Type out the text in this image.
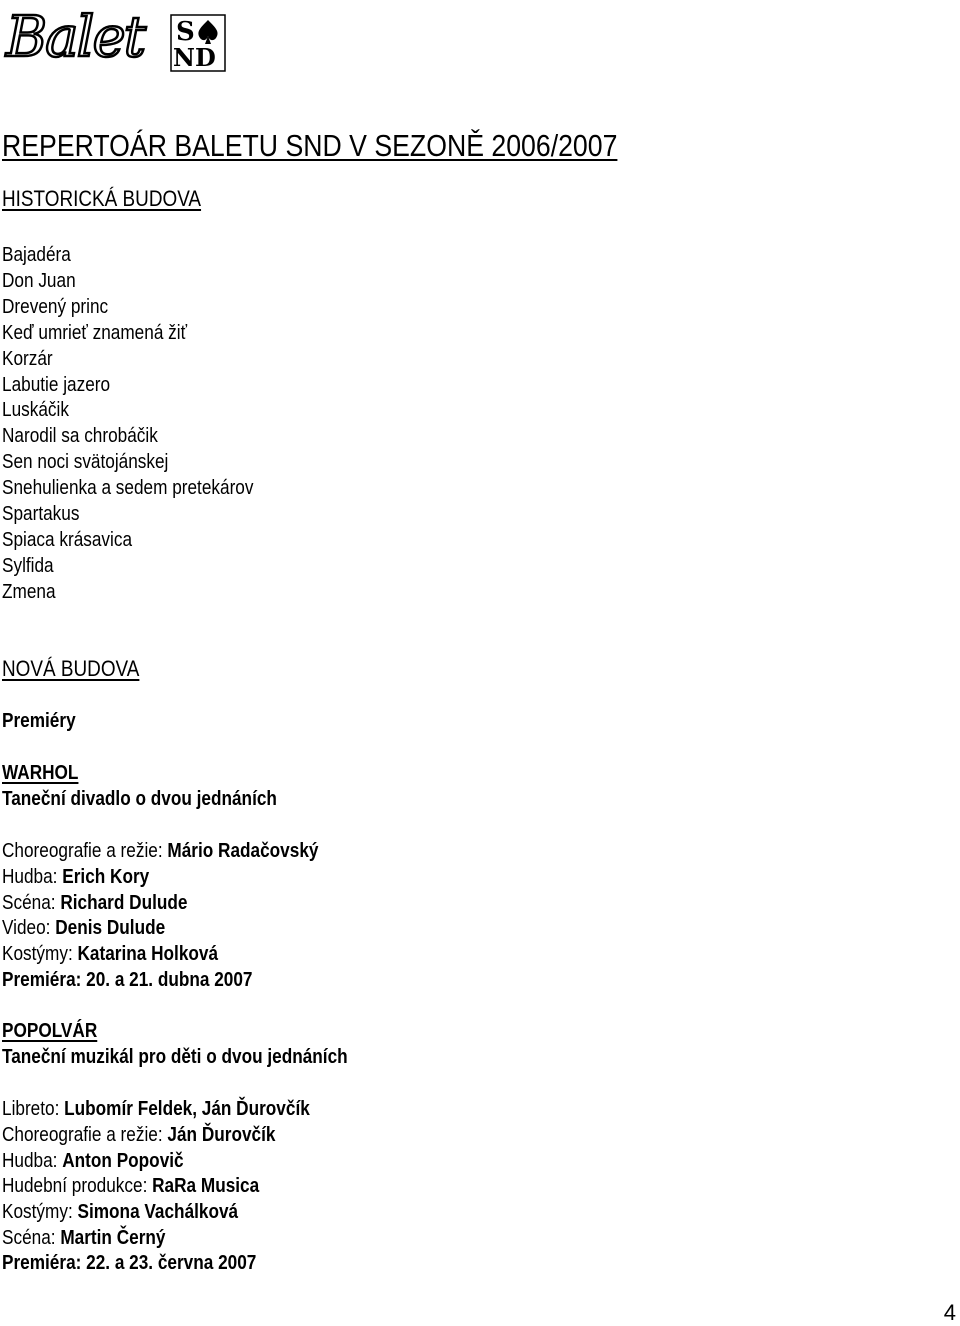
Balet S
ND
REPERTOÁR BALETU SND V SEZONĚ 2006/2007
HISTORICKÁ BUDOVA
Bajadéra
Don Juan
Drevený princ
Keď umrieť znamená žiť
Korzár
Labutie jazero
Luskáčik
Narodil sa chrobáčik
Sen noci svätojánskej
Snehulienka a sedem pretekárov
Spartakus
Spiaca krásavica
Sylfida
Zmena
NOVÁ BUDOVA
Premiéry
WARHOL
Taneční divadlo o dvou jednáních
Choreografie a režie: Mário Radačovský
Hudba: Erich Kory
Scéna: Richard Dulude
Video: Denis Dulude
Kostýmy: Katarina Holková
Premiéra: 20. a 21. dubna 2007
POPOLVÁR
Taneční muzikál pro děti o dvou jednáních
Libreto: Lubomír Feldek, Ján Ďurovčík
Choreografie a režie: Ján Ďurovčík
Hudba: Anton Popovič
Hudební produkce: RaRa Musica
Kostýmy: Simona Vachálková
Scéna: Martin Černý
Premiéra: 22. a 23. června 2007
4
